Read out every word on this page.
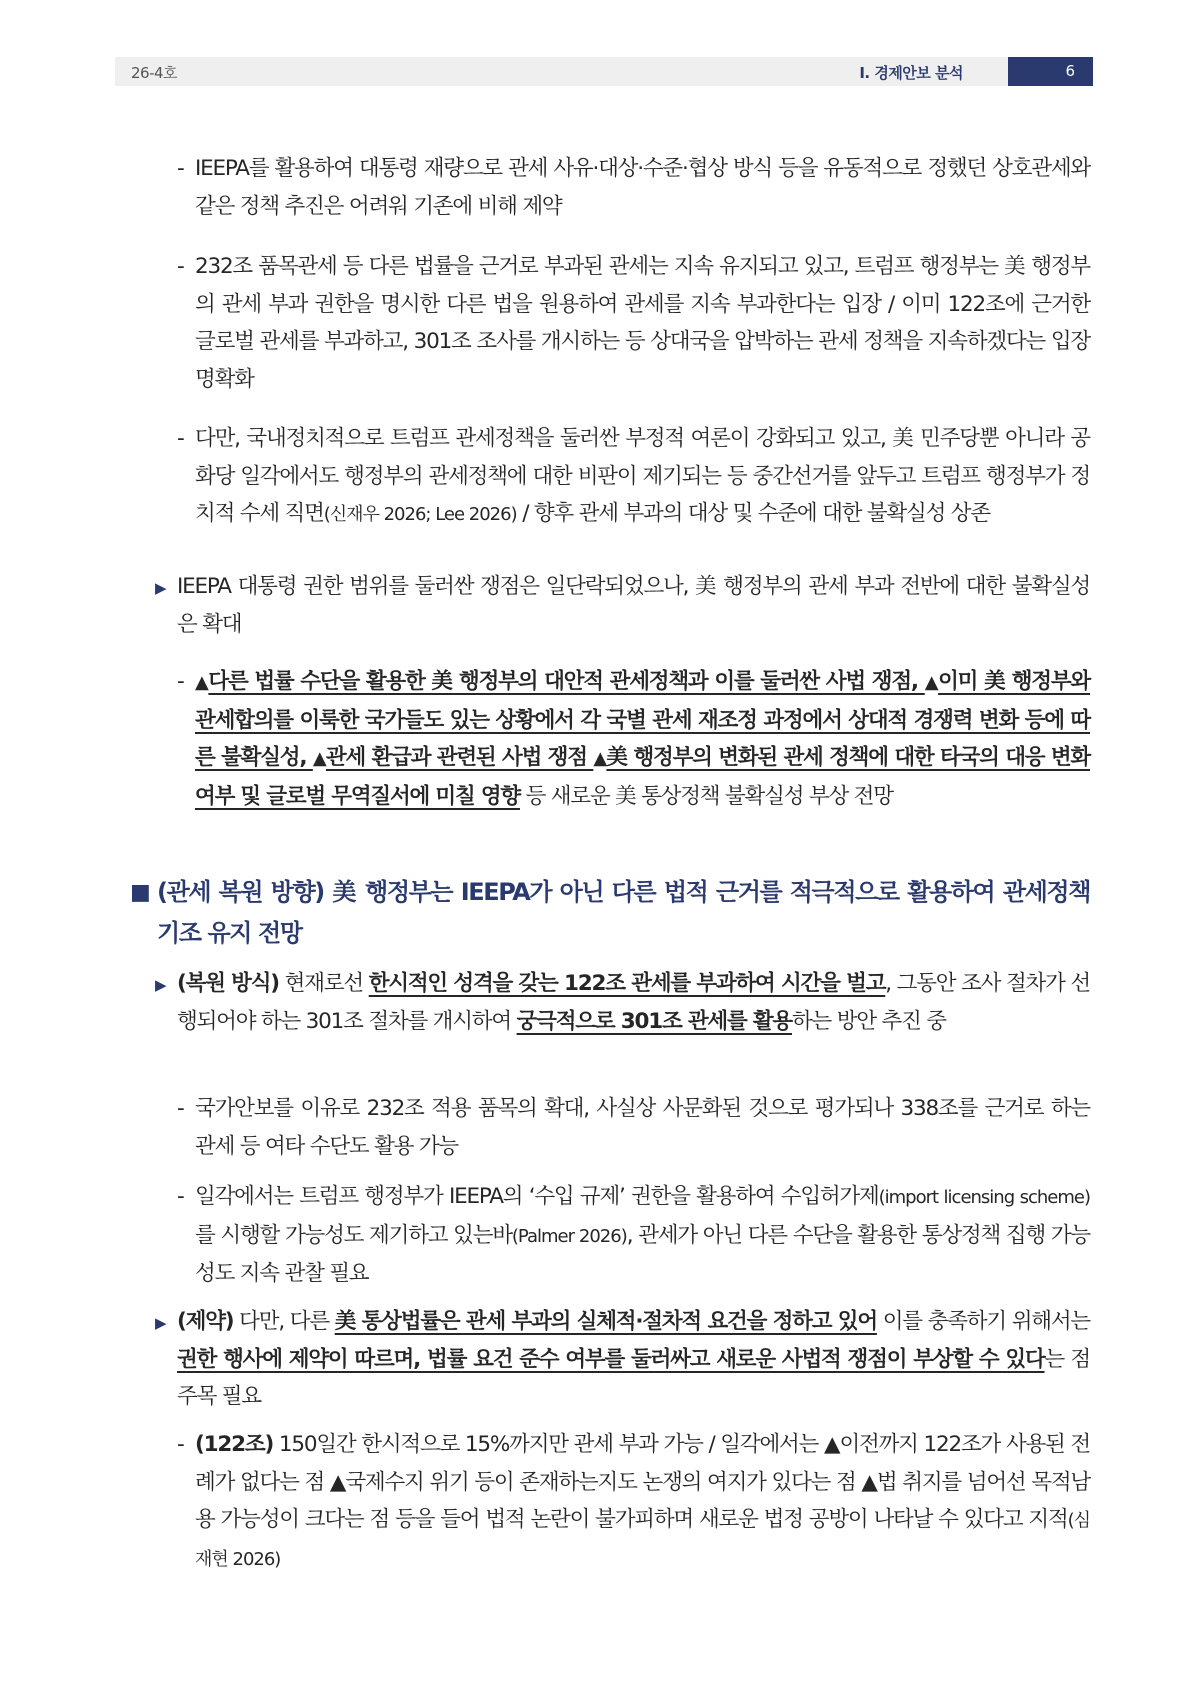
26-4호	Ⅰ. 경제안보 분석	6
- IEEPA를 활용하여 대통령 재량으로 관세 사유·대상·수준·협상 방식 등을 유동적으로 정했던 상호관세와 같은 정책 추진은 어려워 기존에 비해 제약
- 232조 품목관세 등 다른 법률을 근거로 부과된 관세는 지속 유지되고 있고, 트럼프 행정부는 美 행정부의 관세 부과 권한을 명시한 다른 법을 원용하여 관세를 지속 부과한다는 입장 / 이미 122조에 근거한 글로벌 관세를 부과하고, 301조 조사를 개시하는 등 상대국을 압박하는 관세 정책을 지속하겠다는 입장 명확화
- 다만, 국내정치적으로 트럼프 관세정책을 둘러싼 부정적 여론이 강화되고 있고, 美 민주당뿐 아니라 공화당 일각에서도 행정부의 관세정책에 대한 비판이 제기되는 등 중간선거를 앞두고 트럼프 행정부가 정치적 수세 직면(신재우 2026; Lee 2026) / 향후 관세 부과의 대상 및 수준에 대한 불확실성 상존
▶ IEEPA 대통령 권한 범위를 둘러싼 쟁점은 일단락되었으나, 美 행정부의 관세 부과 전반에 대한 불확실성은 확대
- ▲다른 법률 수단을 활용한 美 행정부의 대안적 관세정책과 이를 둘러싼 사법 쟁점, ▲이미 美 행정부와 관세합의를 이룩한 국가들도 있는 상황에서 각 국별 관세 재조정 과정에서 상대적 경쟁력 변화 등에 따른 불확실성, ▲관세 환급과 관련된 사법 쟁점 ▲美 행정부의 변화된 관세 정책에 대한 타국의 대응 변화 여부 및 글로벌 무역질서에 미칠 영향 등 새로운 美 통상정책 불확실성 부상 전망
■ (관세 복원 방향) 美 행정부는 IEEPA가 아닌 다른 법적 근거를 적극적으로 활용하여 관세정책 기조 유지 전망
▶ (복원 방식) 현재로선 한시적인 성격을 갖는 122조 관세를 부과하여 시간을 벌고, 그동안 조사 절차가 선행되어야 하는 301조 절차를 개시하여 궁극적으로 301조 관세를 활용하는 방안 추진 중
- 국가안보를 이유로 232조 적용 품목의 확대, 사실상 사문화된 것으로 평가되나 338조를 근거로 하는 관세 등 여타 수단도 활용 가능
- 일각에서는 트럼프 행정부가 IEEPA의 ‘수입 규제’ 권한을 활용하여 수입허가제(import licensing scheme)를 시행할 가능성도 제기하고 있는바(Palmer 2026), 관세가 아닌 다른 수단을 활용한 통상정책 집행 가능성도 지속 관찰 필요
▶ (제약) 다만, 다른 美 통상법률은 관세 부과의 실체적·절차적 요건을 정하고 있어 이를 충족하기 위해서는 권한 행사에 제약이 따르며, 법률 요건 준수 여부를 둘러싸고 새로운 사법적 쟁점이 부상할 수 있다는 점 주목 필요
- (122조) 150일간 한시적으로 15%까지만 관세 부과 가능 / 일각에서는 ▲이전까지 122조가 사용된 전례가 없다는 점 ▲국제수지 위기 등이 존재하는지도 논쟁의 여지가 있다는 점 ▲법 취지를 넘어선 목적남용 가능성이 크다는 점 등을 들어 법적 논란이 불가피하며 새로운 법정 공방이 나타날 수 있다고 지적(심재현 2026)
